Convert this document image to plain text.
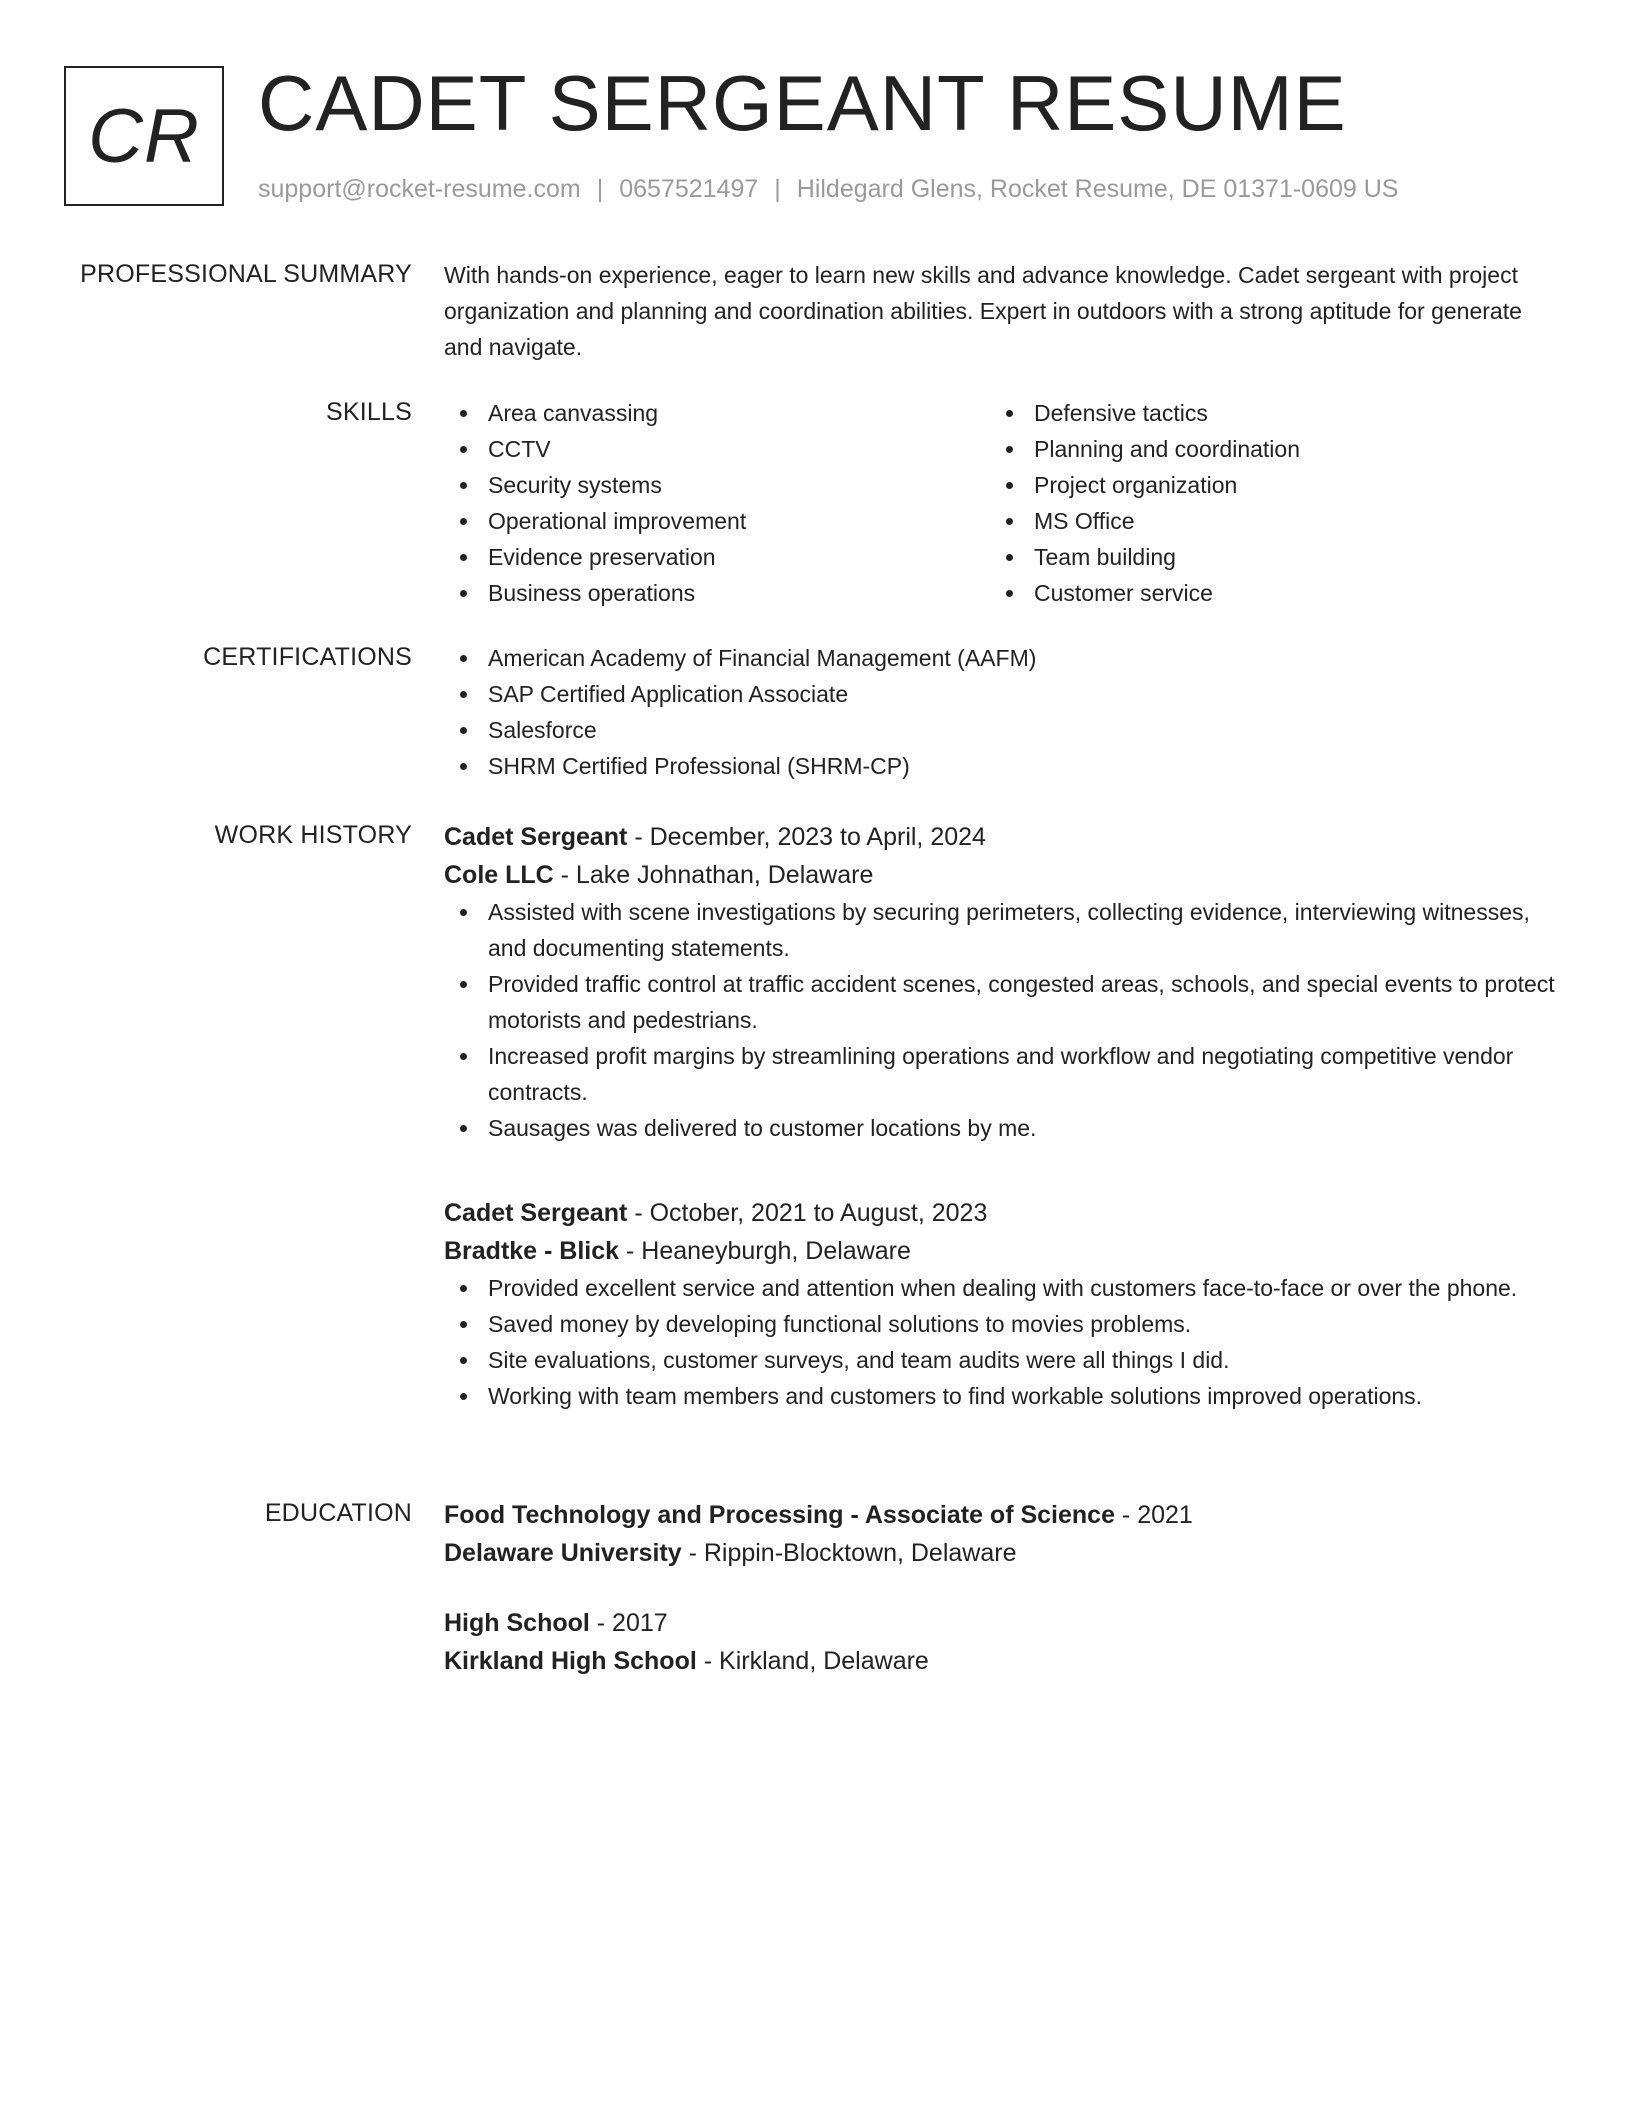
CR CADET SERGEANT RESUME
support@rocket-resume.com | 0657521497 | Hildegard Glens, Rocket Resume, DE 01371-0609 US
PROFESSIONAL SUMMARY With hands-on experience, eager to learn new skills and advance knowledge. Cadet sergeant with project organization and planning and coordination abilities. Expert in outdoors with a strong aptitude for generate and navigate.

SKILLS	Area canvassing
CCTV
Security systems
Operational improvement
Evidence preservation
Business operations
Defensive tactics
Planning and coordination
Project organization
MS Office
Team building
Customer service
CERTIFICATIONS	American Academy of Financial Management (AAFM)
SAP Certified Application Associate
Salesforce
SHRM Certified Professional (SHRM-CP)
WORK HISTORY Cadet Sergeant - December, 2023 to April, 2024
Cole LLC - Lake Johnathan, Delaware
Assisted with scene investigations by securing perimeters, collecting evidence, interviewing witnesses, and documenting statements.
Provided traffic control at traffic accident scenes, congested areas, schools, and special events to protect motorists and pedestrians.
Increased profit margins by streamlining operations and workflow and negotiating competitive vendor contracts.
Sausages was delivered to customer locations by me.
Cadet Sergeant - October, 2021 to August, 2023
Bradtke - Blick - Heaneyburgh, Delaware
Provided excellent service and attention when dealing with customers face-to-face or over the phone.
Saved money by developing functional solutions to movies problems.
Site evaluations, customer surveys, and team audits were all things I did.
Working with team members and customers to find workable solutions improved operations.
EDUCATION Food Technology and Processing - Associate of Science - 2021
Delaware University - Rippin-Blocktown, Delaware
High School - 2017
Kirkland High School - Kirkland, Delaware
